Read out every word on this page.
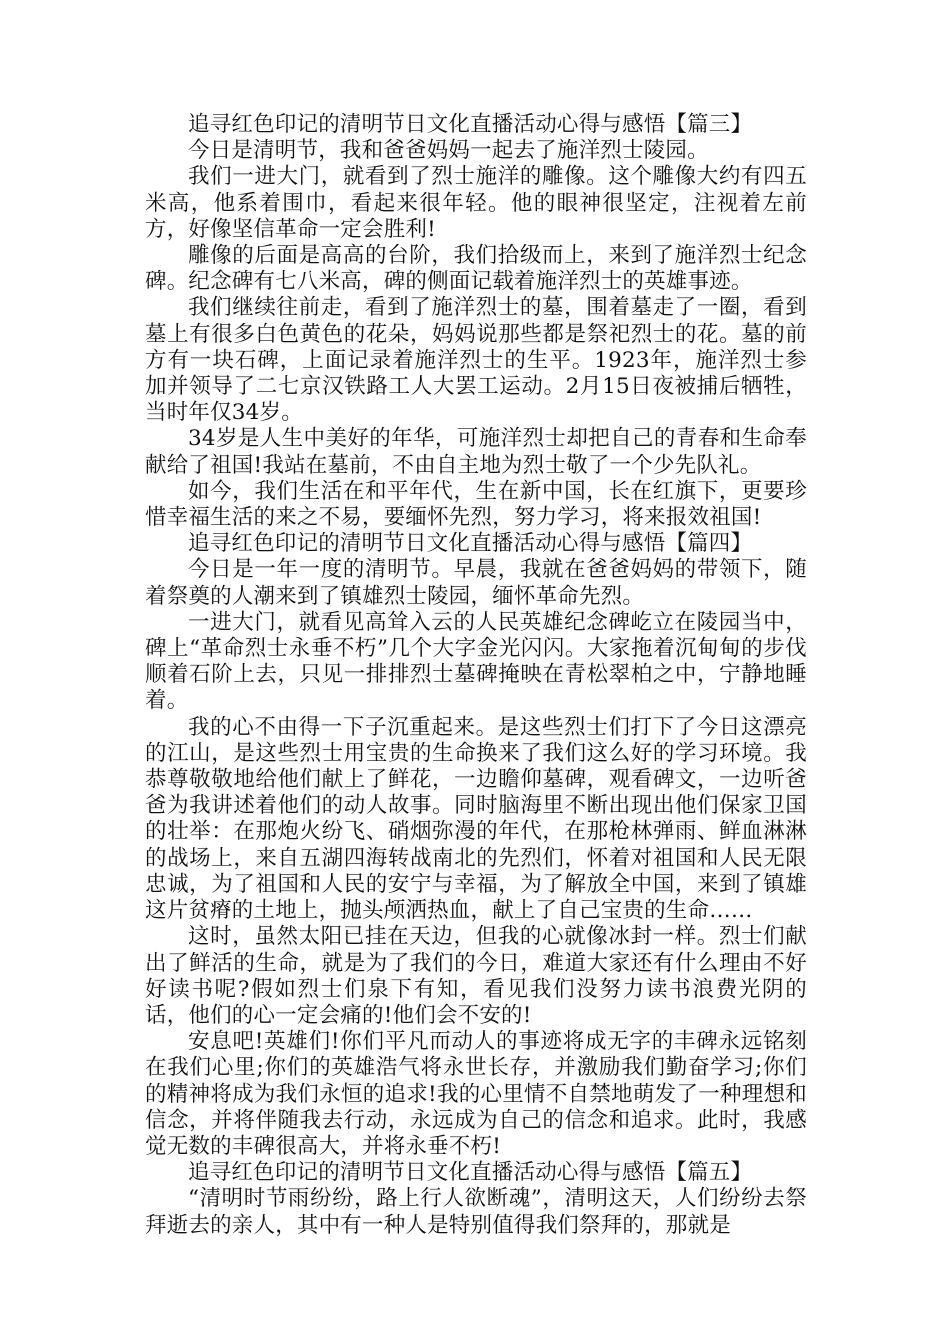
追寻红色印记的清明节日文化直播活动心得与感悟【篇三】

今日是清明节，我和爸爸妈妈一起去了施洋烈士陵园。

我们一进大门，就看到了烈士施洋的雕像。这个雕像大约有四五米高，他系着围巾，看起来很年轻。他的眼神很坚定，注视着左前方，好像坚信革命一定会胜利!

雕像的后面是高高的台阶，我们拾级而上，来到了施洋烈士纪念碑。纪念碑有七八米高，碑的侧面记载着施洋烈士的英雄事迹。

我们继续往前走，看到了施洋烈士的墓，围着墓走了一圈，看到墓上有很多白色黄色的花朵，妈妈说那些都是祭祀烈士的花。墓的前方有一块石碑，上面记录着施洋烈士的生平。1923年，施洋烈士参加并领导了二七京汉铁路工人大罢工运动。2月15日夜被捕后牺牲，当时年仅34岁。

34岁是人生中美好的年华，可施洋烈士却把自己的青春和生命奉献给了祖国!我站在墓前，不由自主地为烈士敬了一个少先队礼。

如今，我们生活在和平年代，生在新中国，长在红旗下，更要珍惜幸福生活的来之不易，要缅怀先烈，努力学习，将来报效祖国!

追寻红色印记的清明节日文化直播活动心得与感悟【篇四】

今日是一年一度的清明节。早晨，我就在爸爸妈妈的带领下，随着祭奠的人潮来到了镇雄烈士陵园，缅怀革命先烈。

一进大门，就看见高耸入云的人民英雄纪念碑屹立在陵园当中，碑上“革命烈士永垂不朽”几个大字金光闪闪。大家拖着沉甸甸的步伐顺着石阶上去，只见一排排烈士墓碑掩映在青松翠柏之中，宁静地睡着。

我的心不由得一下子沉重起来。是这些烈士们打下了今日这漂亮的江山，是这些烈士用宝贵的生命换来了我们这么好的学习环境。我恭尊敬敬地给他们献上了鲜花，一边瞻仰墓碑，观看碑文，一边听爸爸为我讲述着他们的动人故事。同时脑海里不断出现出他们保家卫国的壮举：在那炮火纷飞、硝烟弥漫的年代，在那枪林弹雨、鲜血淋淋的战场上，来自五湖四海转战南北的先烈们，怀着对祖国和人民无限忠诚，为了祖国和人民的安宁与幸福，为了解放全中国，来到了镇雄这片贫瘠的土地上，抛头颅洒热血，献上了自己宝贵的生命……

这时，虽然太阳已挂在天边，但我的心就像冰封一样。烈士们献出了鲜活的生命，就是为了我们的今日，难道大家还有什么理由不好好读书呢?假如烈士们泉下有知，看见我们没努力读书浪费光阴的话，他们的心一定会痛的!他们会不安的!

安息吧!英雄们!你们平凡而动人的事迹将成无字的丰碑永远铭刻在我们心里;你们的英雄浩气将永世长存，并激励我们勤奋学习;你们的精神将成为我们永恒的追求!我的心里情不自禁地萌发了一种理想和信念，并将伴随我去行动，永远成为自己的信念和追求。此时，我感觉无数的丰碑很高大，并将永垂不朽!

追寻红色印记的清明节日文化直播活动心得与感悟【篇五】

“清明时节雨纷纷，路上行人欲断魂”，清明这天，人们纷纷去祭拜逝去的亲人，其中有一种人是特别值得我们祭拜的，那就是
